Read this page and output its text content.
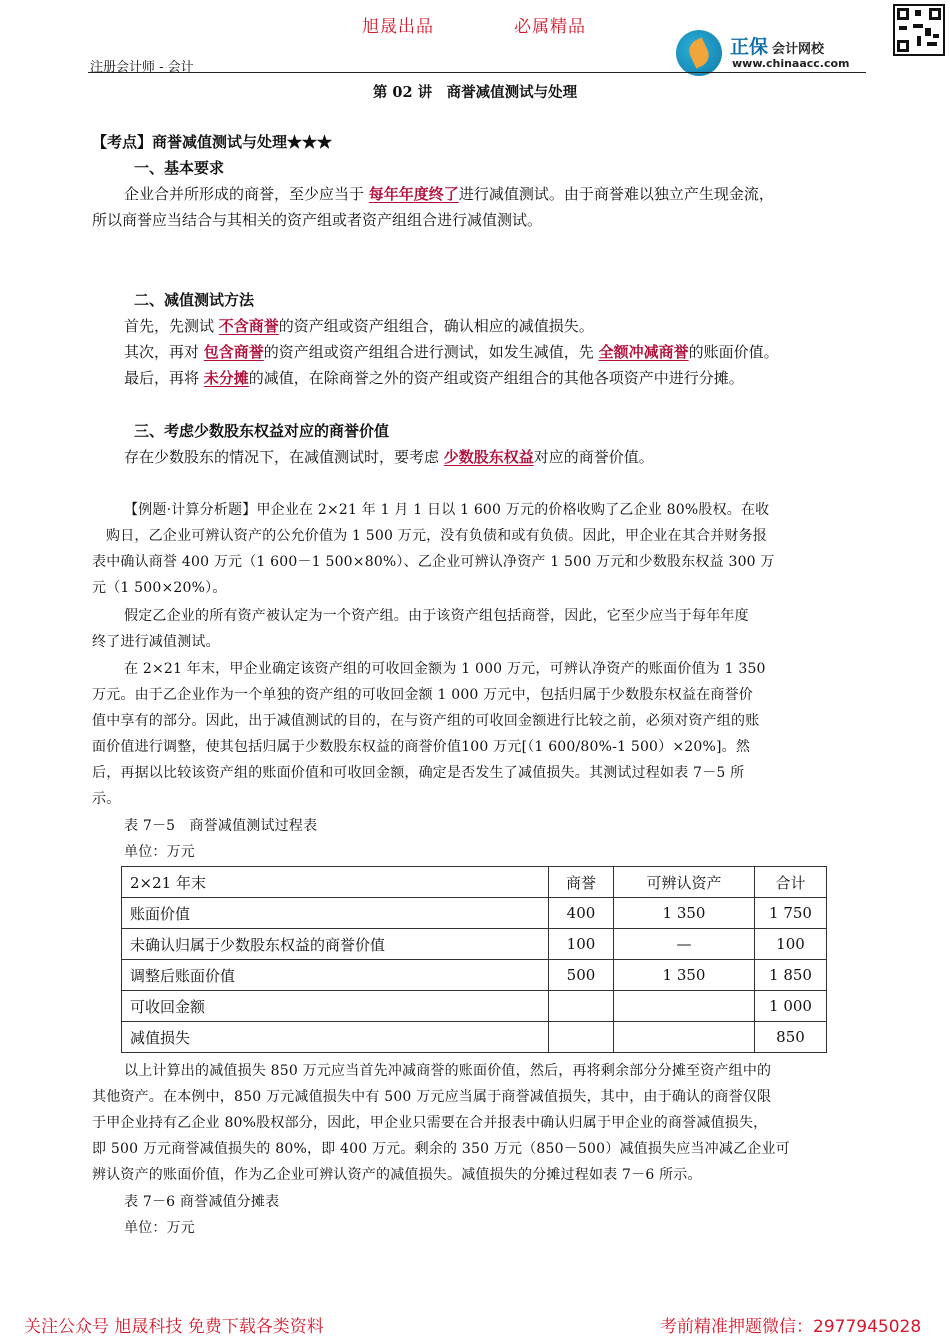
旭晟出品	必属精品
注册会计师 - 会计
正保 会计网校
www.chinaacc.com
第 02 讲　商誉减值测试与处理
【考点】商誉减值测试与处理★★★
一、基本要求
企业合并所形成的商誉，至少应当于 每年年度终了进行减值测试。由于商誉难以独立产生现金流，
所以商誉应当结合与其相关的资产组或者资产组组合进行减值测试。
二、减值测试方法
首先，先测试 不含商誉的资产组或资产组组合，确认相应的减值损失。
其次，再对 包含商誉的资产组或资产组组合进行测试，如发生减值，先 全额冲减商誉的账面价值。
最后，再将 未分摊的减值，在除商誉之外的资产组或资产组组合的其他各项资产中进行分摊。
三、考虑少数股东权益对应的商誉价值
存在少数股东的情况下，在减值测试时，要考虑 少数股东权益对应的商誉价值。
【例题·计算分析题】甲企业在 2×21 年 1 月 1 日以 1 600 万元的价格收购了乙企业 80%股权。在收
购日，乙企业可辨认资产的公允价值为 1 500 万元，没有负债和或有负债。因此，甲企业在其合并财务报
表中确认商誉 400 万元（1 600－1 500×80%）、乙企业可辨认净资产 1 500 万元和少数股东权益 300 万
元（1 500×20%）。
假定乙企业的所有资产被认定为一个资产组。由于该资产组包括商誉，因此，它至少应当于每年年度
终了进行减值测试。
在 2×21 年末，甲企业确定该资产组的可收回金额为 1 000 万元，可辨认净资产的账面价值为 1 350
万元。由于乙企业作为一个单独的资产组的可收回金额 1 000 万元中，包括归属于少数股东权益在商誉价
值中享有的部分。因此，出于减值测试的目的，在与资产组的可收回金额进行比较之前，必须对资产组的账
面价值进行调整，使其包括归属于少数股东权益的商誉价值100 万元[（1 600/80%-1 500）×20%]。然
后，再据以比较该资产组的账面价值和可收回金额，确定是否发生了减值损失。其测试过程如表 7－5 所
示。
表 7－5　商誉减值测试过程表
单位：万元
2×21 年末	商誉	可辨认资产	合计
账面价值	400	1 350	1 750
未确认归属于少数股东权益的商誉价值	100	—	100
调整后账面价值	500	1 350	1 850
可收回金额			1 000
减值损失			850
以上计算出的减值损失 850 万元应当首先冲减商誉的账面价值，然后，再将剩余部分分摊至资产组中的
其他资产。在本例中，850 万元减值损失中有 500 万元应当属于商誉减值损失，其中，由于确认的商誉仅限
于甲企业持有乙企业 80%股权部分，因此，甲企业只需要在合并报表中确认归属于甲企业的商誉减值损失，
即 500 万元商誉减值损失的 80%，即 400 万元。剩余的 350 万元（850－500）减值损失应当冲减乙企业可
辨认资产的账面价值，作为乙企业可辨认资产的减值损失。减值损失的分摊过程如表 7－6 所示。
表 7－6 商誉减值分摊表
单位：万元
关注公众号 旭晟科技 免费下载各类资料	考前精准押题微信：2977945028
